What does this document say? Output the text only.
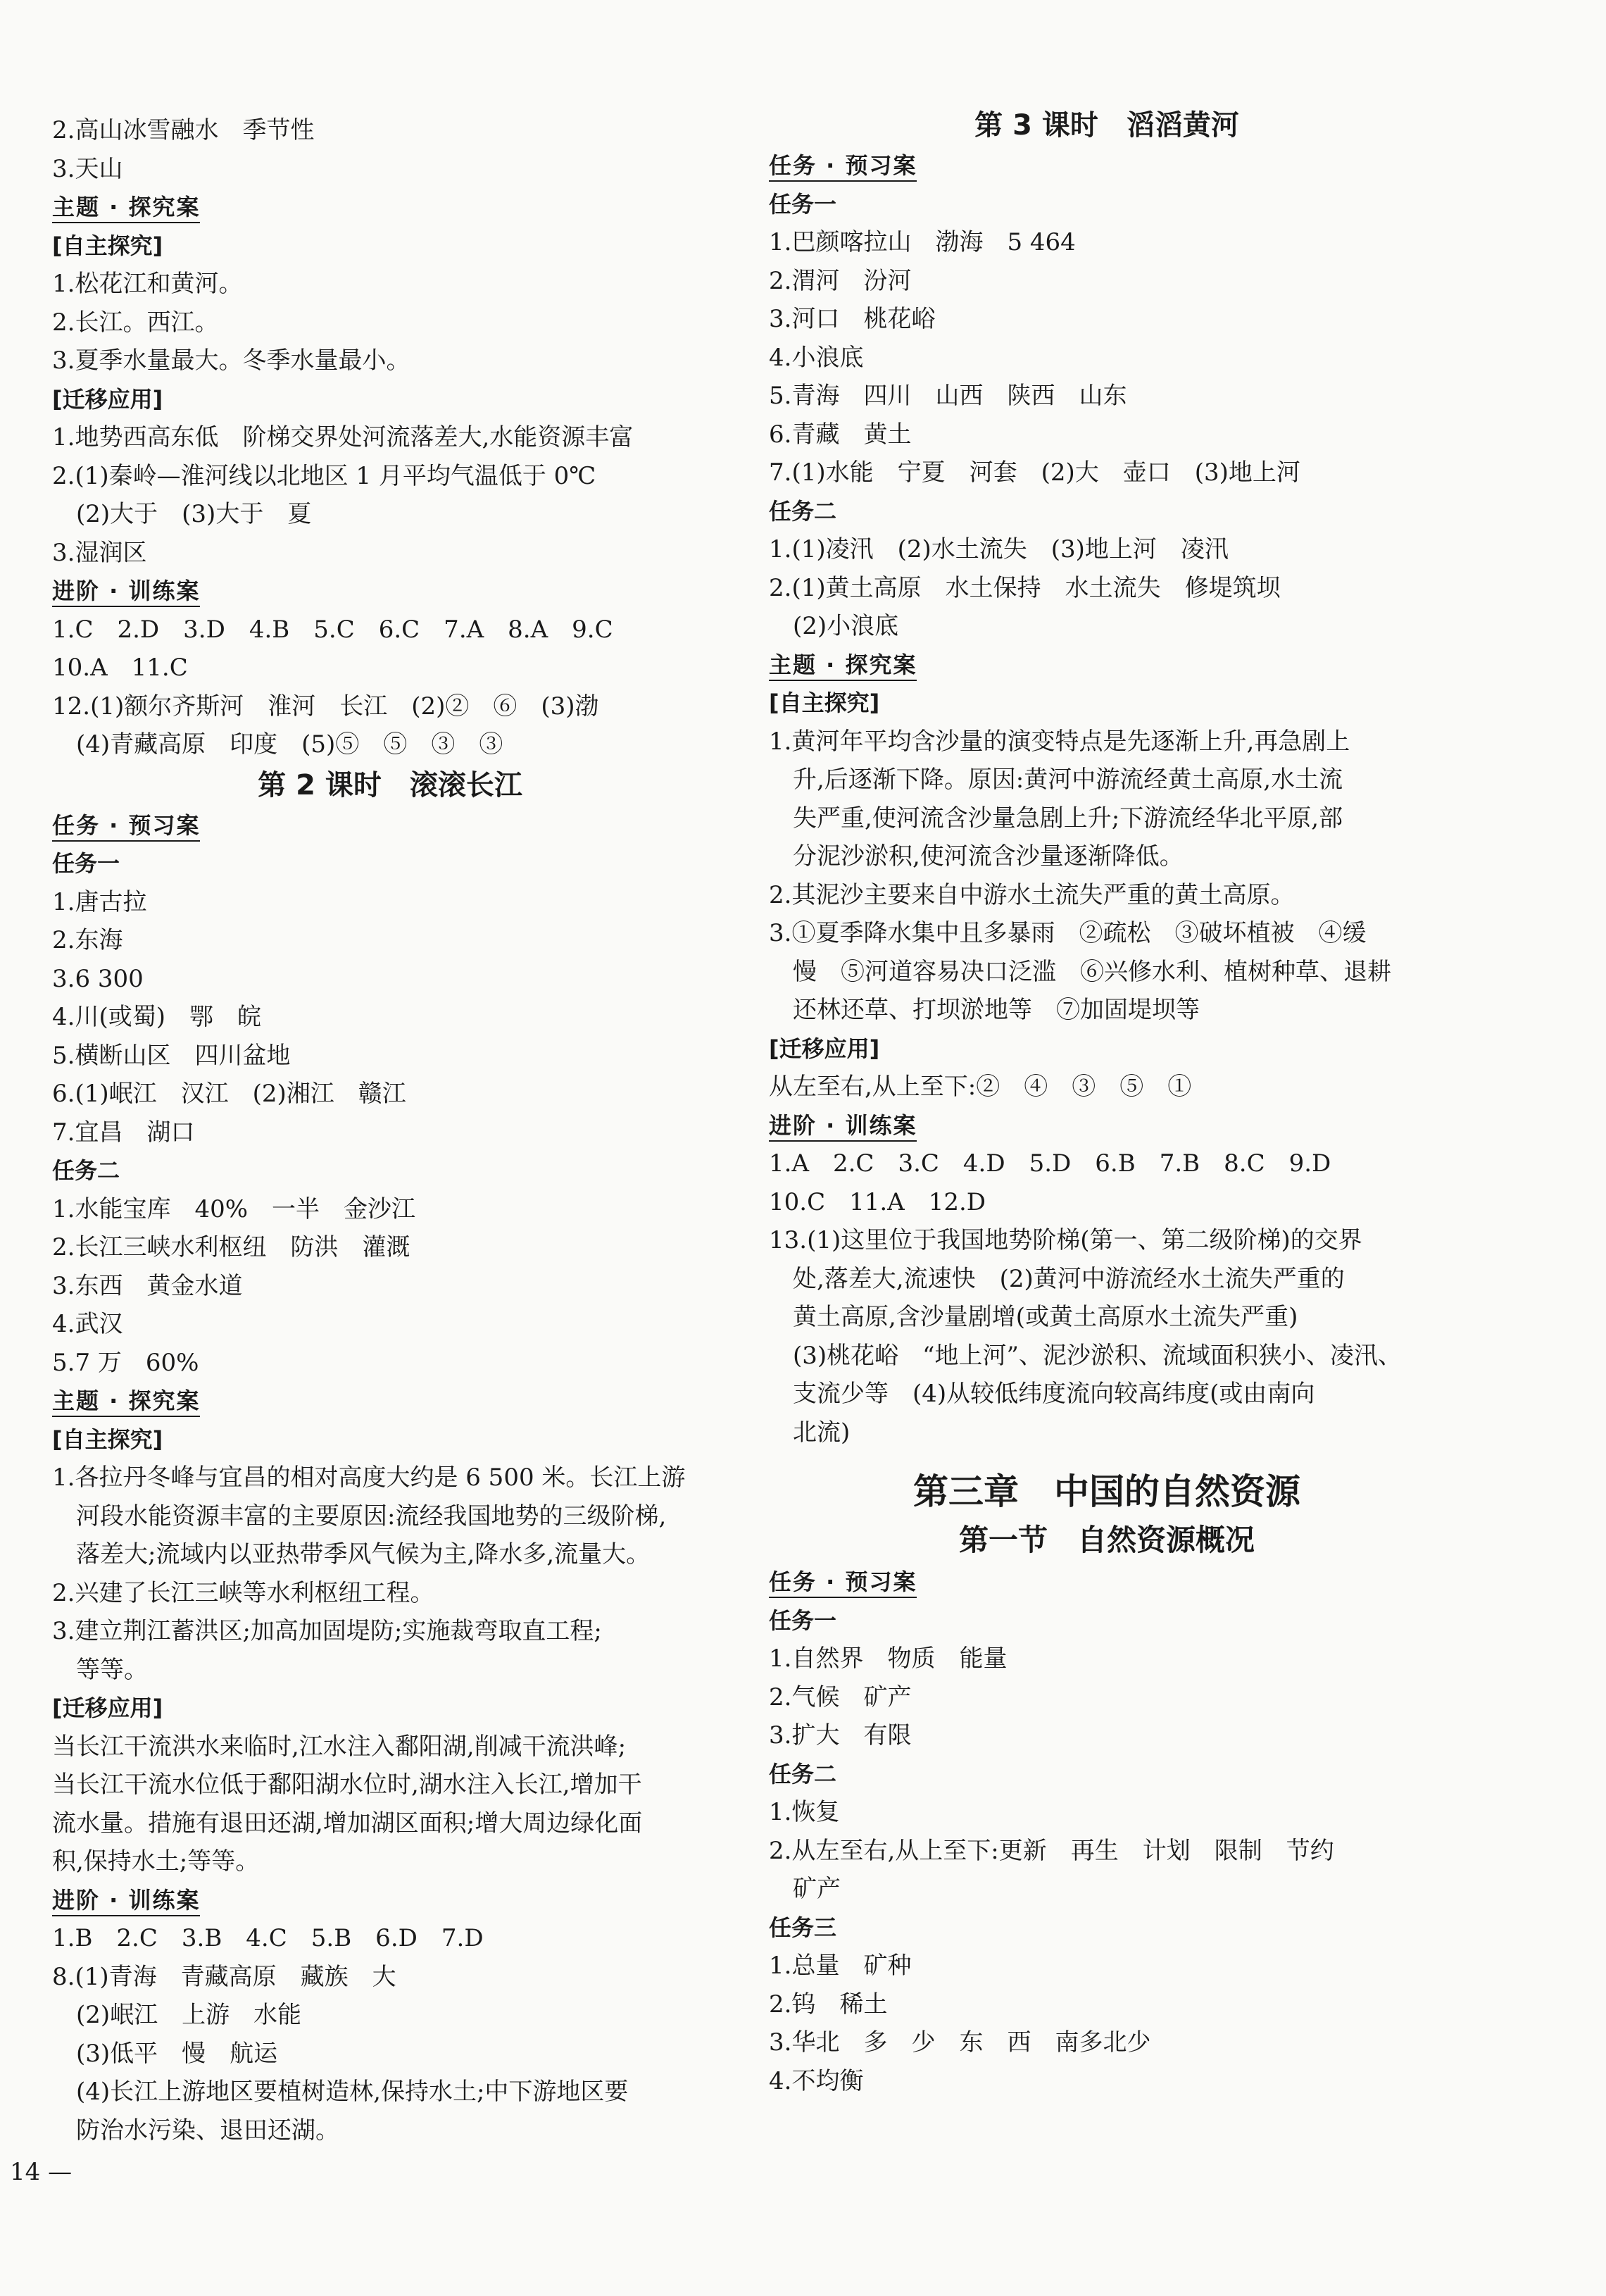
2.高山冰雪融水　季节性
3.天山
主题 · 探究案
[自主探究]
1.松花江和黄河。
2.长江。西江。
3.夏季水量最大。冬季水量最小。
[迁移应用]
1.地势西高东低　阶梯交界处河流落差大,水能资源丰富
2.(1)秦岭—淮河线以北地区 1 月平均气温低于 0℃
(2)大于　(3)大于　夏
3.湿润区
进阶 · 训练案
1.C　2.D　3.D　4.B　5.C　6.C　7.A　8.A　9.C
10.A　11.C
12.(1)额尔齐斯河　淮河　长江　(2)②　⑥　(3)渤
(4)青藏高原　印度　(5)⑤　⑤　③　③
第 2 课时　滚滚长江
任务 · 预习案
任务一
1.唐古拉
2.东海
3.6 300
4.川(或蜀)　鄂　皖
5.横断山区　四川盆地
6.(1)岷江　汉江　(2)湘江　赣江
7.宜昌　湖口
任务二
1.水能宝库　40%　一半　金沙江
2.长江三峡水利枢纽　防洪　灌溉
3.东西　黄金水道
4.武汉
5.7 万　60%
主题 · 探究案
[自主探究]
1.各拉丹冬峰与宜昌的相对高度大约是 6 500 米。长江上游
河段水能资源丰富的主要原因:流经我国地势的三级阶梯,
落差大;流域内以亚热带季风气候为主,降水多,流量大。
2.兴建了长江三峡等水利枢纽工程。
3.建立荆江蓄洪区;加高加固堤防;实施裁弯取直工程;
等等。
[迁移应用]
当长江干流洪水来临时,江水注入鄱阳湖,削减干流洪峰;
当长江干流水位低于鄱阳湖水位时,湖水注入长江,增加干
流水量。措施有退田还湖,增加湖区面积;增大周边绿化面
积,保持水土;等等。
进阶 · 训练案
1.B　2.C　3.B　4.C　5.B　6.D　7.D
8.(1)青海　青藏高原　藏族　大
(2)岷江　上游　水能
(3)低平　慢　航运
(4)长江上游地区要植树造林,保持水土;中下游地区要
防治水污染、退田还湖。
第 3 课时　滔滔黄河
任务 · 预习案
任务一
1.巴颜喀拉山　渤海　5 464
2.渭河　汾河
3.河口　桃花峪
4.小浪底
5.青海　四川　山西　陕西　山东
6.青藏　黄土
7.(1)水能　宁夏　河套　(2)大　壶口　(3)地上河
任务二
1.(1)凌汛　(2)水土流失　(3)地上河　凌汛
2.(1)黄土高原　水土保持　水土流失　修堤筑坝
(2)小浪底
主题 · 探究案
[自主探究]
1.黄河年平均含沙量的演变特点是先逐渐上升,再急剧上
升,后逐渐下降。原因:黄河中游流经黄土高原,水土流
失严重,使河流含沙量急剧上升;下游流经华北平原,部
分泥沙淤积,使河流含沙量逐渐降低。
2.其泥沙主要来自中游水土流失严重的黄土高原。
3.①夏季降水集中且多暴雨　②疏松　③破坏植被　④缓
慢　⑤河道容易决口泛滥　⑥兴修水利、植树种草、退耕
还林还草、打坝淤地等　⑦加固堤坝等
[迁移应用]
从左至右,从上至下:②　④　③　⑤　①
进阶 · 训练案
1.A　2.C　3.C　4.D　5.D　6.B　7.B　8.C　9.D
10.C　11.A　12.D
13.(1)这里位于我国地势阶梯(第一、第二级阶梯)的交界
处,落差大,流速快　(2)黄河中游流经水土流失严重的
黄土高原,含沙量剧增(或黄土高原水土流失严重)
(3)桃花峪　“地上河”、泥沙淤积、流域面积狭小、凌汛、
支流少等　(4)从较低纬度流向较高纬度(或由南向
北流)
第三章　中国的自然资源
第一节　自然资源概况
任务 · 预习案
任务一
1.自然界　物质　能量
2.气候　矿产
3.扩大　有限
任务二
1.恢复
2.从左至右,从上至下:更新　再生　计划　限制　节约
矿产
任务三
1.总量　矿种
2.钨　稀土
3.华北　多　少　东　西　南多北少
4.不均衡
14 —
